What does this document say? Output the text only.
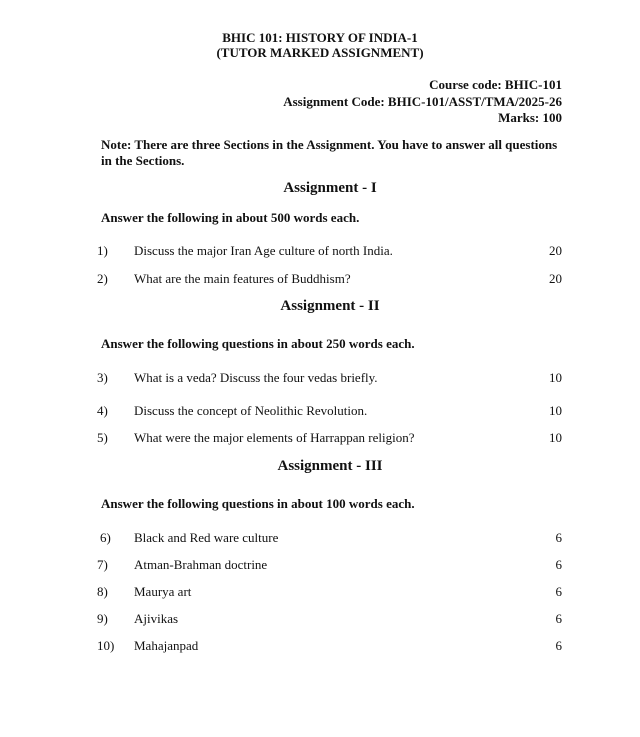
BHIC 101: HISTORY OF INDIA-1
(TUTOR MARKED ASSIGNMENT)
Course code: BHIC-101
Assignment Code: BHIC-101/ASST/TMA/2025-26
Marks: 100
Note: There are three Sections in the Assignment. You have to answer all questions in the Sections.
Assignment - I
Answer the following in about 500 words each.
1)	Discuss the major Iran Age culture of north India.	20
2)	What are the main features of Buddhism?	20
Assignment - II
Answer the following questions in about 250 words each.
3)	What is a veda? Discuss the four vedas briefly.	10
4)	Discuss the concept of Neolithic Revolution.	10
5)	What were the major elements of Harrappan religion?	10
Assignment - III
Answer the following questions in about 100 words each.
6)	Black and Red ware culture	6
7)	Atman-Brahman doctrine	6
8)	Maurya art	6
9)	Ajivikas	6
10)	Mahajanpad	6
